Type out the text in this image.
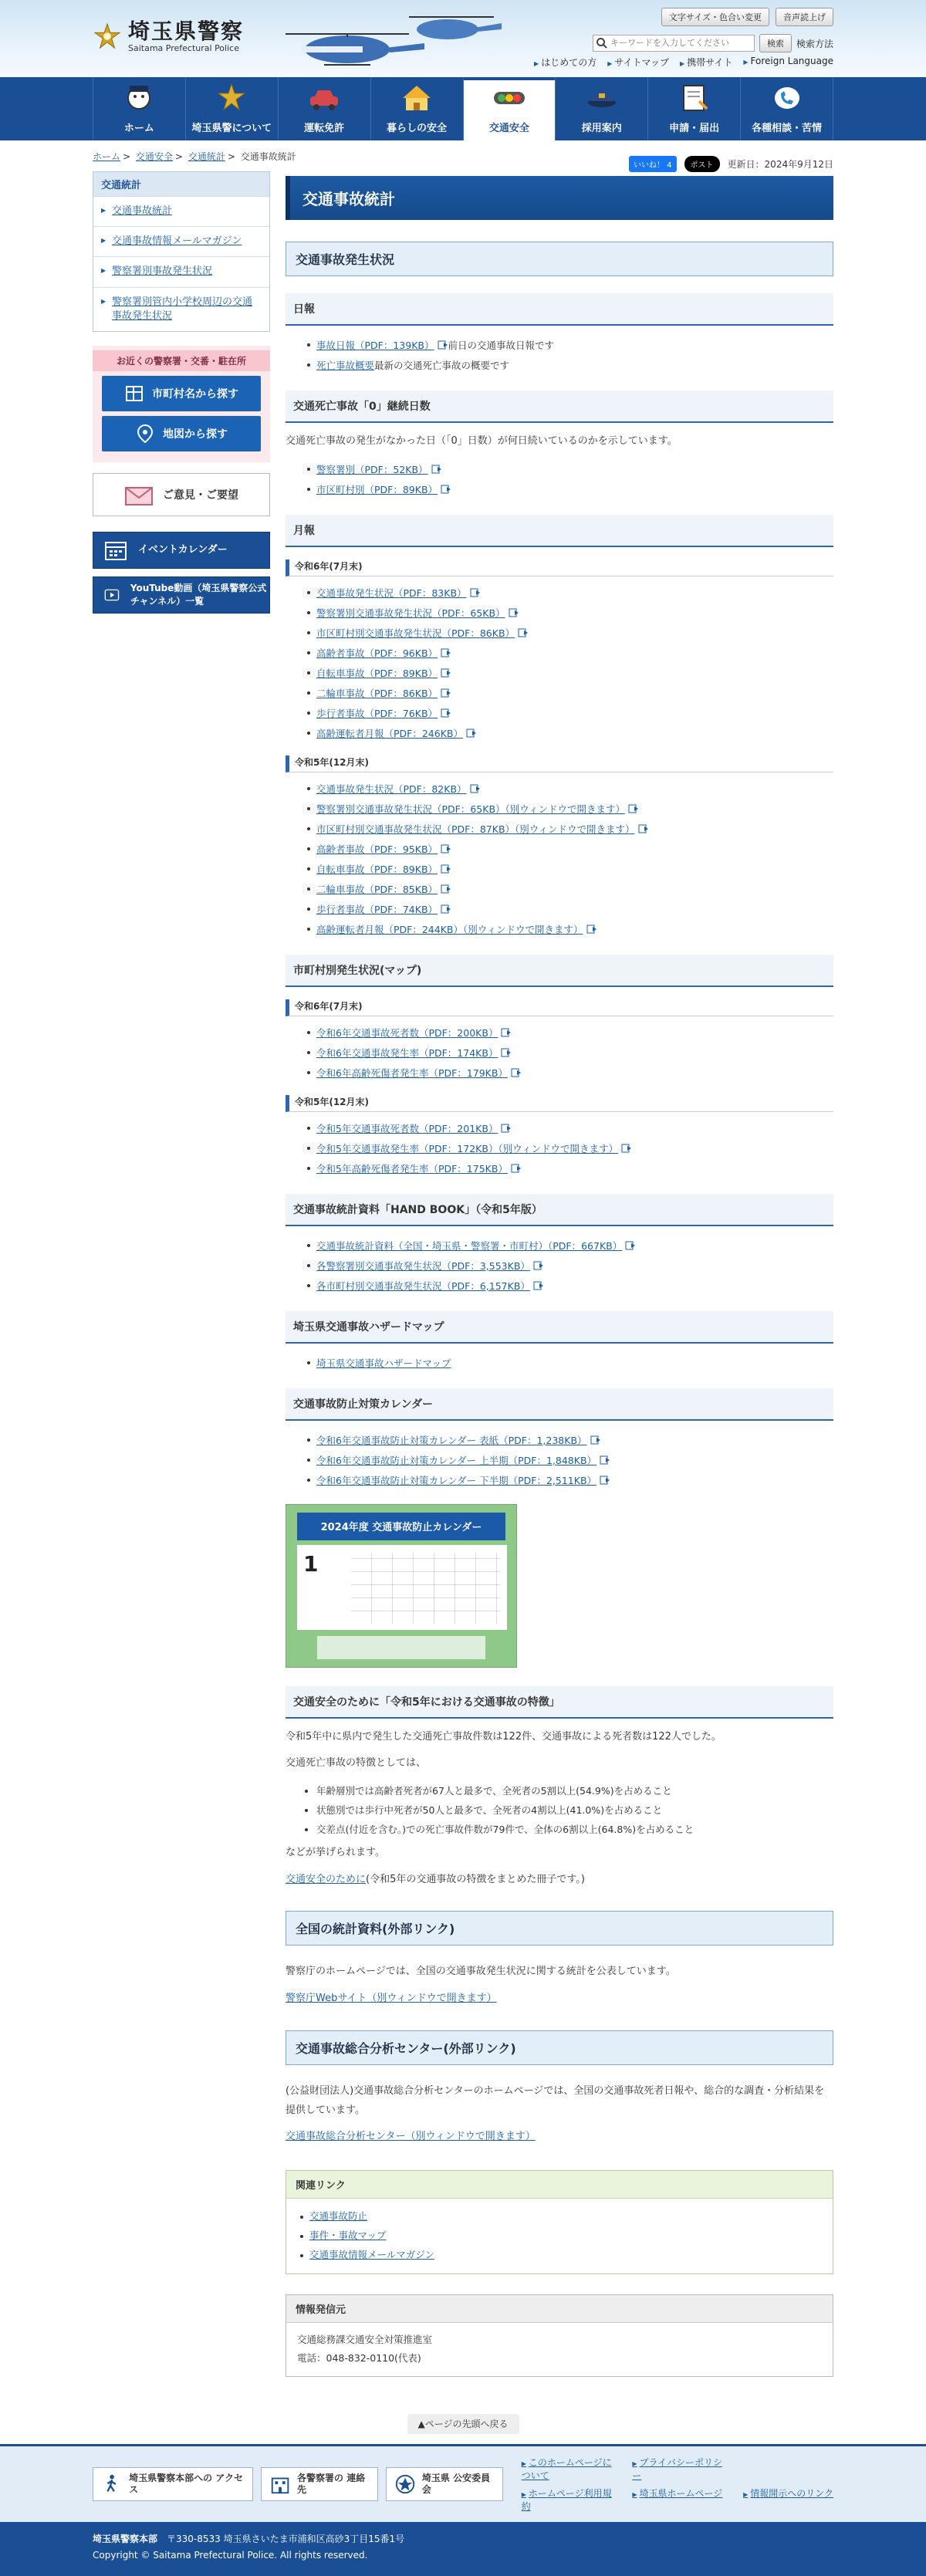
埼玉県警察
Saitama Prefectural Police
文字サイズ・色合い変更	音声読上げ
キーワードを入力してください
検索	検索方法
▶ はじめての方	▶ サイトマップ	▶ 携帯サイト	▶ Foreign Language
ホーム	埼玉県警について	運転免許	暮らしの安全	交通安全	採用案内	申請・届出	各種相談・苦情
ホーム > 交通安全 > 交通統計 > 交通事故統計
いいね！ 4	ポスト	更新日：2024年9月12日
交通統計
▶ 交通事故統計
▶ 交通事故情報メールマガジン
▶ 警察署別事故発生状況
▶ 警察署別管内小学校周辺の交通事故発生状況
お近くの警察署・交番・駐在所
市町村名から探す
地図から探す
ご意見・ご要望
イベントカレンダー
YouTube動画（埼玉県警察公式チャンネル）一覧
交通事故統計
交通事故発生状況
日報
事故日報（PDF：139KB） 前日の交通事故日報です
死亡事故概要最新の交通死亡事故の概要です
交通死亡事故「0」継続日数

交通死亡事故の発生がなかった日（「0」日数）が何日続いているのかを示しています。

警察署別（PDF：52KB）
市区町村別（PDF：89KB）
月報
令和6年(7月末)
交通事故発生状況（PDF：83KB）
警察署別交通事故発生状況（PDF：65KB）
市区町村別交通事故発生状況（PDF：86KB）
高齢者事故（PDF：96KB）
自転車事故（PDF：89KB）
二輪車事故（PDF：86KB）
歩行者事故（PDF：76KB）
高齢運転者月報（PDF：246KB）
令和5年(12月末)
交通事故発生状況（PDF：82KB）
警察署別交通事故発生状況（PDF：65KB）（別ウィンドウで開きます）
市区町村別交通事故発生状況（PDF：87KB）（別ウィンドウで開きます）
高齢者事故（PDF：95KB）
自転車事故（PDF：89KB）
二輪車事故（PDF：85KB）
歩行者事故（PDF：74KB）
高齢運転者月報（PDF：244KB）（別ウィンドウで開きます）
市町村別発生状況(マップ)
令和6年(7月末)
令和6年交通事故死者数（PDF：200KB）
令和6年交通事故発生率（PDF：174KB）
令和6年高齢死傷者発生率（PDF：179KB）
令和5年(12月末)
令和5年交通事故死者数（PDF：201KB）
令和5年交通事故発生率（PDF：172KB）（別ウィンドウで開きます）
令和5年高齢死傷者発生率（PDF：175KB）
交通事故統計資料「HAND BOOK」（令和5年版）
交通事故統計資料（全国・埼玉県・警察署・市町村）（PDF：667KB）
各警察署別交通事故発生状況（PDF：3,553KB）
各市町村別交通事故発生状況（PDF：6,157KB）
埼玉県交通事故ハザードマップ
埼玉県交通事故ハザードマップ
交通事故防止対策カレンダー
令和6年交通事故防止対策カレンダー 表紙（PDF：1,238KB）
令和6年交通事故防止対策カレンダー 上半期（PDF：1,848KB）
令和6年交通事故防止対策カレンダー 下半期（PDF：2,511KB）
2024年度 交通事故防止カレンダー
1
交通安全のために「令和5年における交通事故の特徴」

令和5年中に県内で発生した交通死亡事故件数は122件、交通事故による死者数は122人でした。

交通死亡事故の特徴としては、

• 年齢層別では高齢者死者が67人と最多で、全死者の5割以上(54.9%)を占めること
• 状態別では歩行中死者が50人と最多で、全死者の4割以上(41.0%)を占めること
• 交差点(付近を含む。)での死亡事故件数が79件で、全体の6割以上(64.8%)を占めること

などが挙げられます。

交通安全のために(令和5年の交通事故の特徴をまとめた冊子です。)

全国の統計資料(外部リンク)

警察庁のホームページでは、全国の交通事故発生状況に関する統計を公表しています。

警察庁Webサイト（別ウィンドウで開きます）

交通事故総合分析センター(外部リンク)

(公益財団法人)交通事故総合分析センターのホームページでは、全国の交通事故死者日報や、総合的な調査・分析結果を提供しています。

交通事故総合分析センター（別ウィンドウで開きます）

関連リンク
交通事故防止
事件・事故マップ
交通事故情報メールマガジン
情報発信元
交通総務課交通安全対策推進室
電話：048-832-0110(代表)
▲ページの先頭へ戻る
埼玉県警察本部への アクセス
各警察署の 連絡先
埼玉県 公安委員会
▶ このホームページについて
▶ プライバシーポリシー
▶ ホームページ利用規約
▶ 埼玉県ホームページ	▶ 情報開示へのリンク
埼玉県警察本部 〒330-8533 埼玉県さいたま市浦和区高砂3丁目15番1号
Copyright © Saitama Prefectural Police. All rights reserved.
